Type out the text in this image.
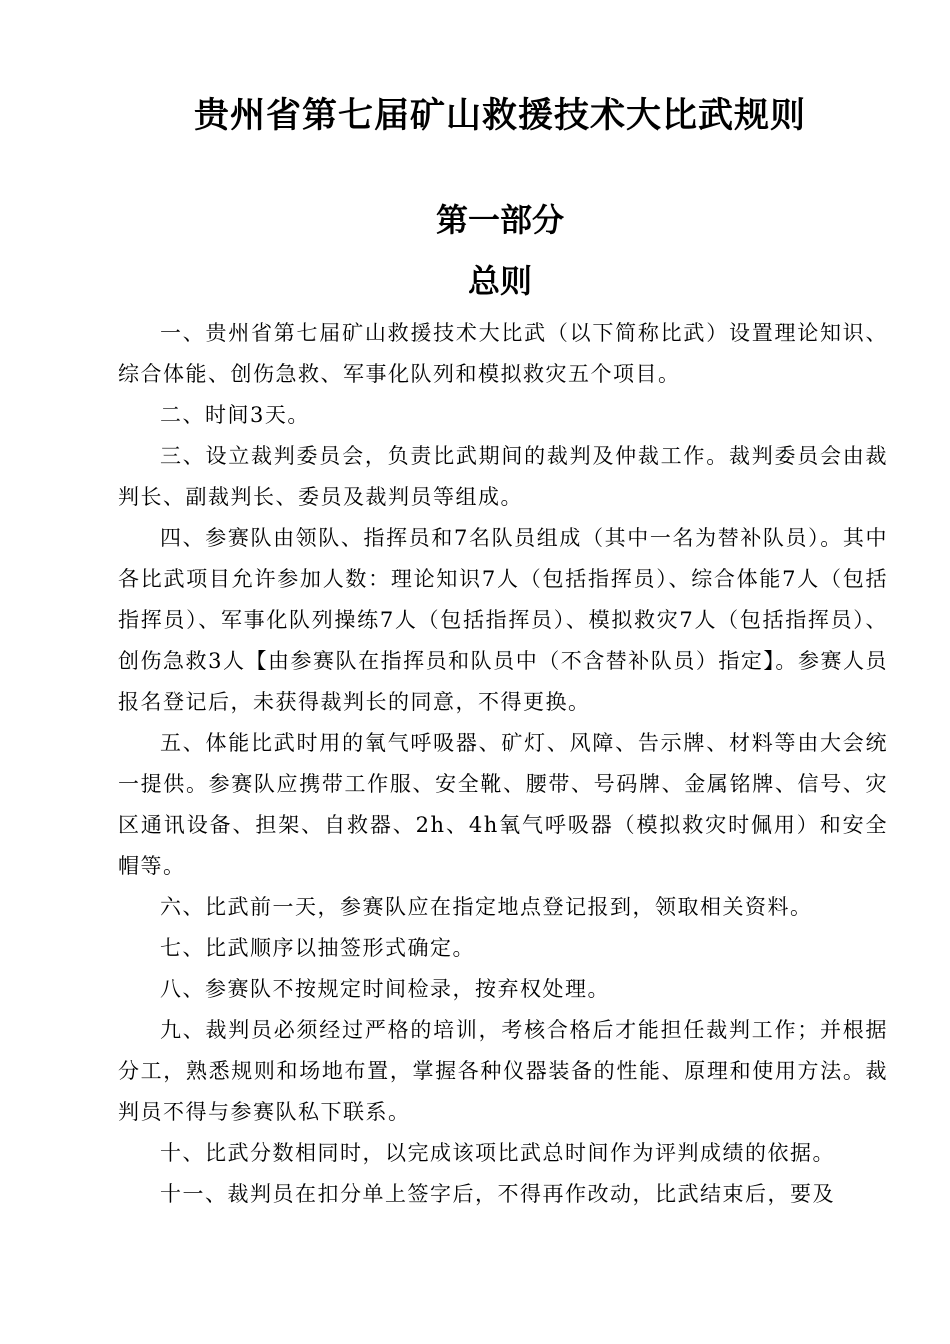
贵州省第七届矿山救援技术大比武规则
第一部分
总则

一、贵州省第七届矿山救援技术大比武（以下简称比武）设置理论知识、综合体能、创伤急救、军事化队列和模拟救灾五个项目。

二、时间3天。

三、设立裁判委员会，负责比武期间的裁判及仲裁工作。裁判委员会由裁判长、副裁判长、委员及裁判员等组成。

四、参赛队由领队、指挥员和7名队员组成（其中一名为替补队员）。其中各比武项目允许参加人数：理论知识7人（包括指挥员）、综合体能7人（包括指挥员）、军事化队列操练7人（包括指挥员）、模拟救灾7人（包括指挥员）、创伤急救3人【由参赛队在指挥员和队员中（不含替补队员）指定】。参赛人员报名登记后，未获得裁判长的同意，不得更换。

五、体能比武时用的氧气呼吸器、矿灯、风障、告示牌、材料等由大会统一提供。参赛队应携带工作服、安全靴、腰带、号码牌、金属铭牌、信号、灾区通讯设备、担架、自救器、2h、4h氧气呼吸器（模拟救灾时佩用）和安全帽等。

六、比武前一天，参赛队应在指定地点登记报到，领取相关资料。

七、比武顺序以抽签形式确定。

八、参赛队不按规定时间检录，按弃权处理。

九、裁判员必须经过严格的培训，考核合格后才能担任裁判工作；并根据分工，熟悉规则和场地布置，掌握各种仪器装备的性能、原理和使用方法。裁判员不得与参赛队私下联系。

十、比武分数相同时，以完成该项比武总时间作为评判成绩的依据。

十一、裁判员在扣分单上签字后，不得再作改动，比武结束后，要及
